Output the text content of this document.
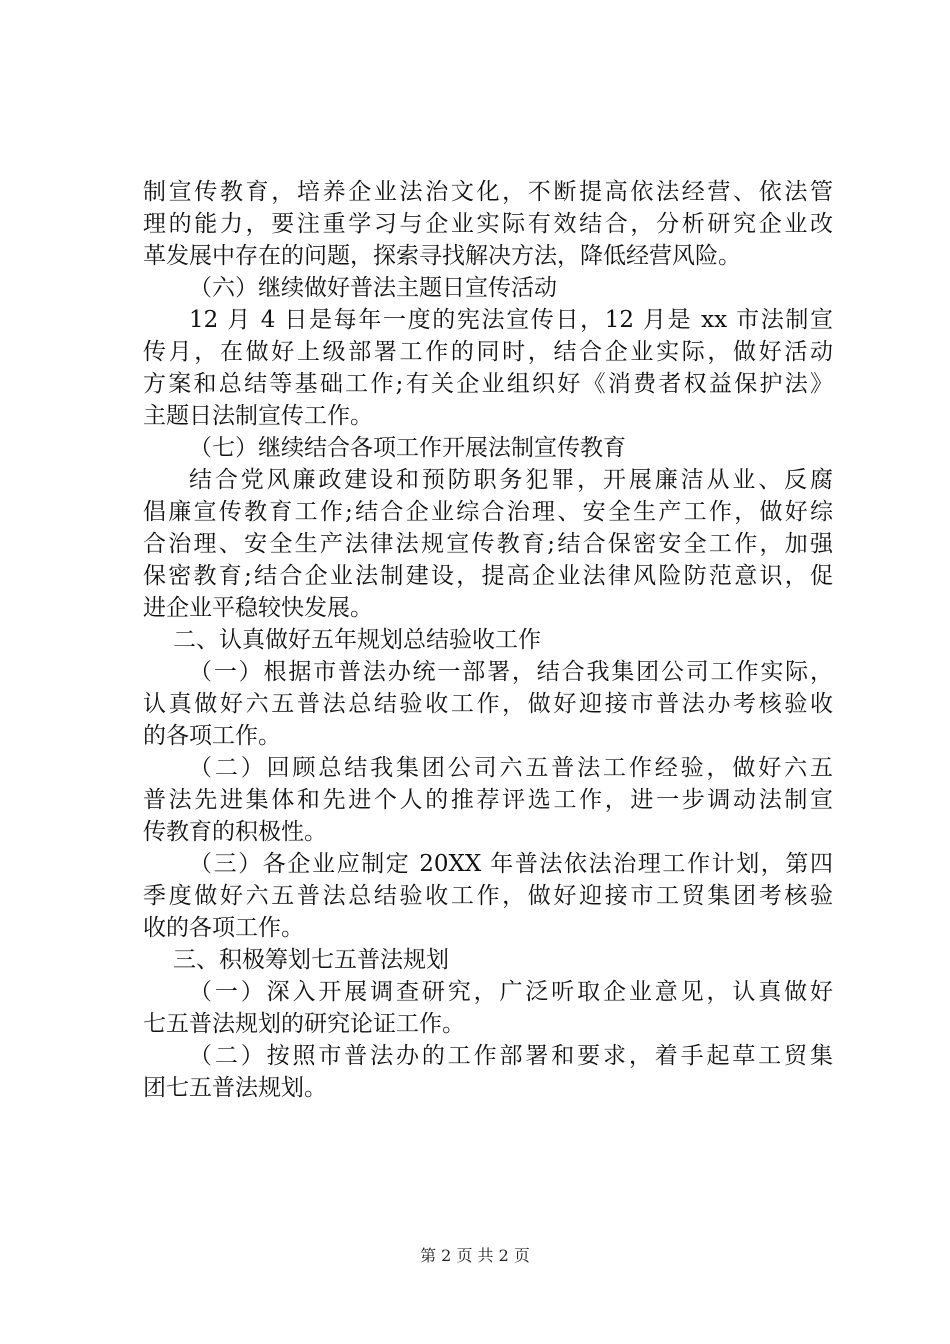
制宣传教育，培养企业法治文化，不断提高依法经营、依法管
理的能力，要注重学习与企业实际有效结合，分析研究企业改
革发展中存在的问题，探索寻找解决方法，降低经营风险。
（六）继续做好普法主题日宣传活动
12 月 4 日是每年一度的宪法宣传日，12 月是 xx 市法制宣
传月，在做好上级部署工作的同时，结合企业实际，做好活动
方案和总结等基础工作;有关企业组织好《消费者权益保护法》
主题日法制宣传工作。
（七）继续结合各项工作开展法制宣传教育
结合党风廉政建设和预防职务犯罪，开展廉洁从业、反腐
倡廉宣传教育工作;结合企业综合治理、安全生产工作，做好综
合治理、安全生产法律法规宣传教育;结合保密安全工作，加强
保密教育;结合企业法制建设，提高企业法律风险防范意识，促
进企业平稳较快发展。
二、认真做好五年规划总结验收工作
（一）根据市普法办统一部署，结合我集团公司工作实际，
认真做好六五普法总结验收工作，做好迎接市普法办考核验收
的各项工作。
（二）回顾总结我集团公司六五普法工作经验，做好六五
普法先进集体和先进个人的推荐评选工作，进一步调动法制宣
传教育的积极性。
（三）各企业应制定 20XX 年普法依法治理工作计划，第四
季度做好六五普法总结验收工作，做好迎接市工贸集团考核验
收的各项工作。
三、积极筹划七五普法规划
（一）深入开展调查研究，广泛听取企业意见，认真做好
七五普法规划的研究论证工作。
（二）按照市普法办的工作部署和要求，着手起草工贸集
团七五普法规划。
第 2 页 共 2 页
